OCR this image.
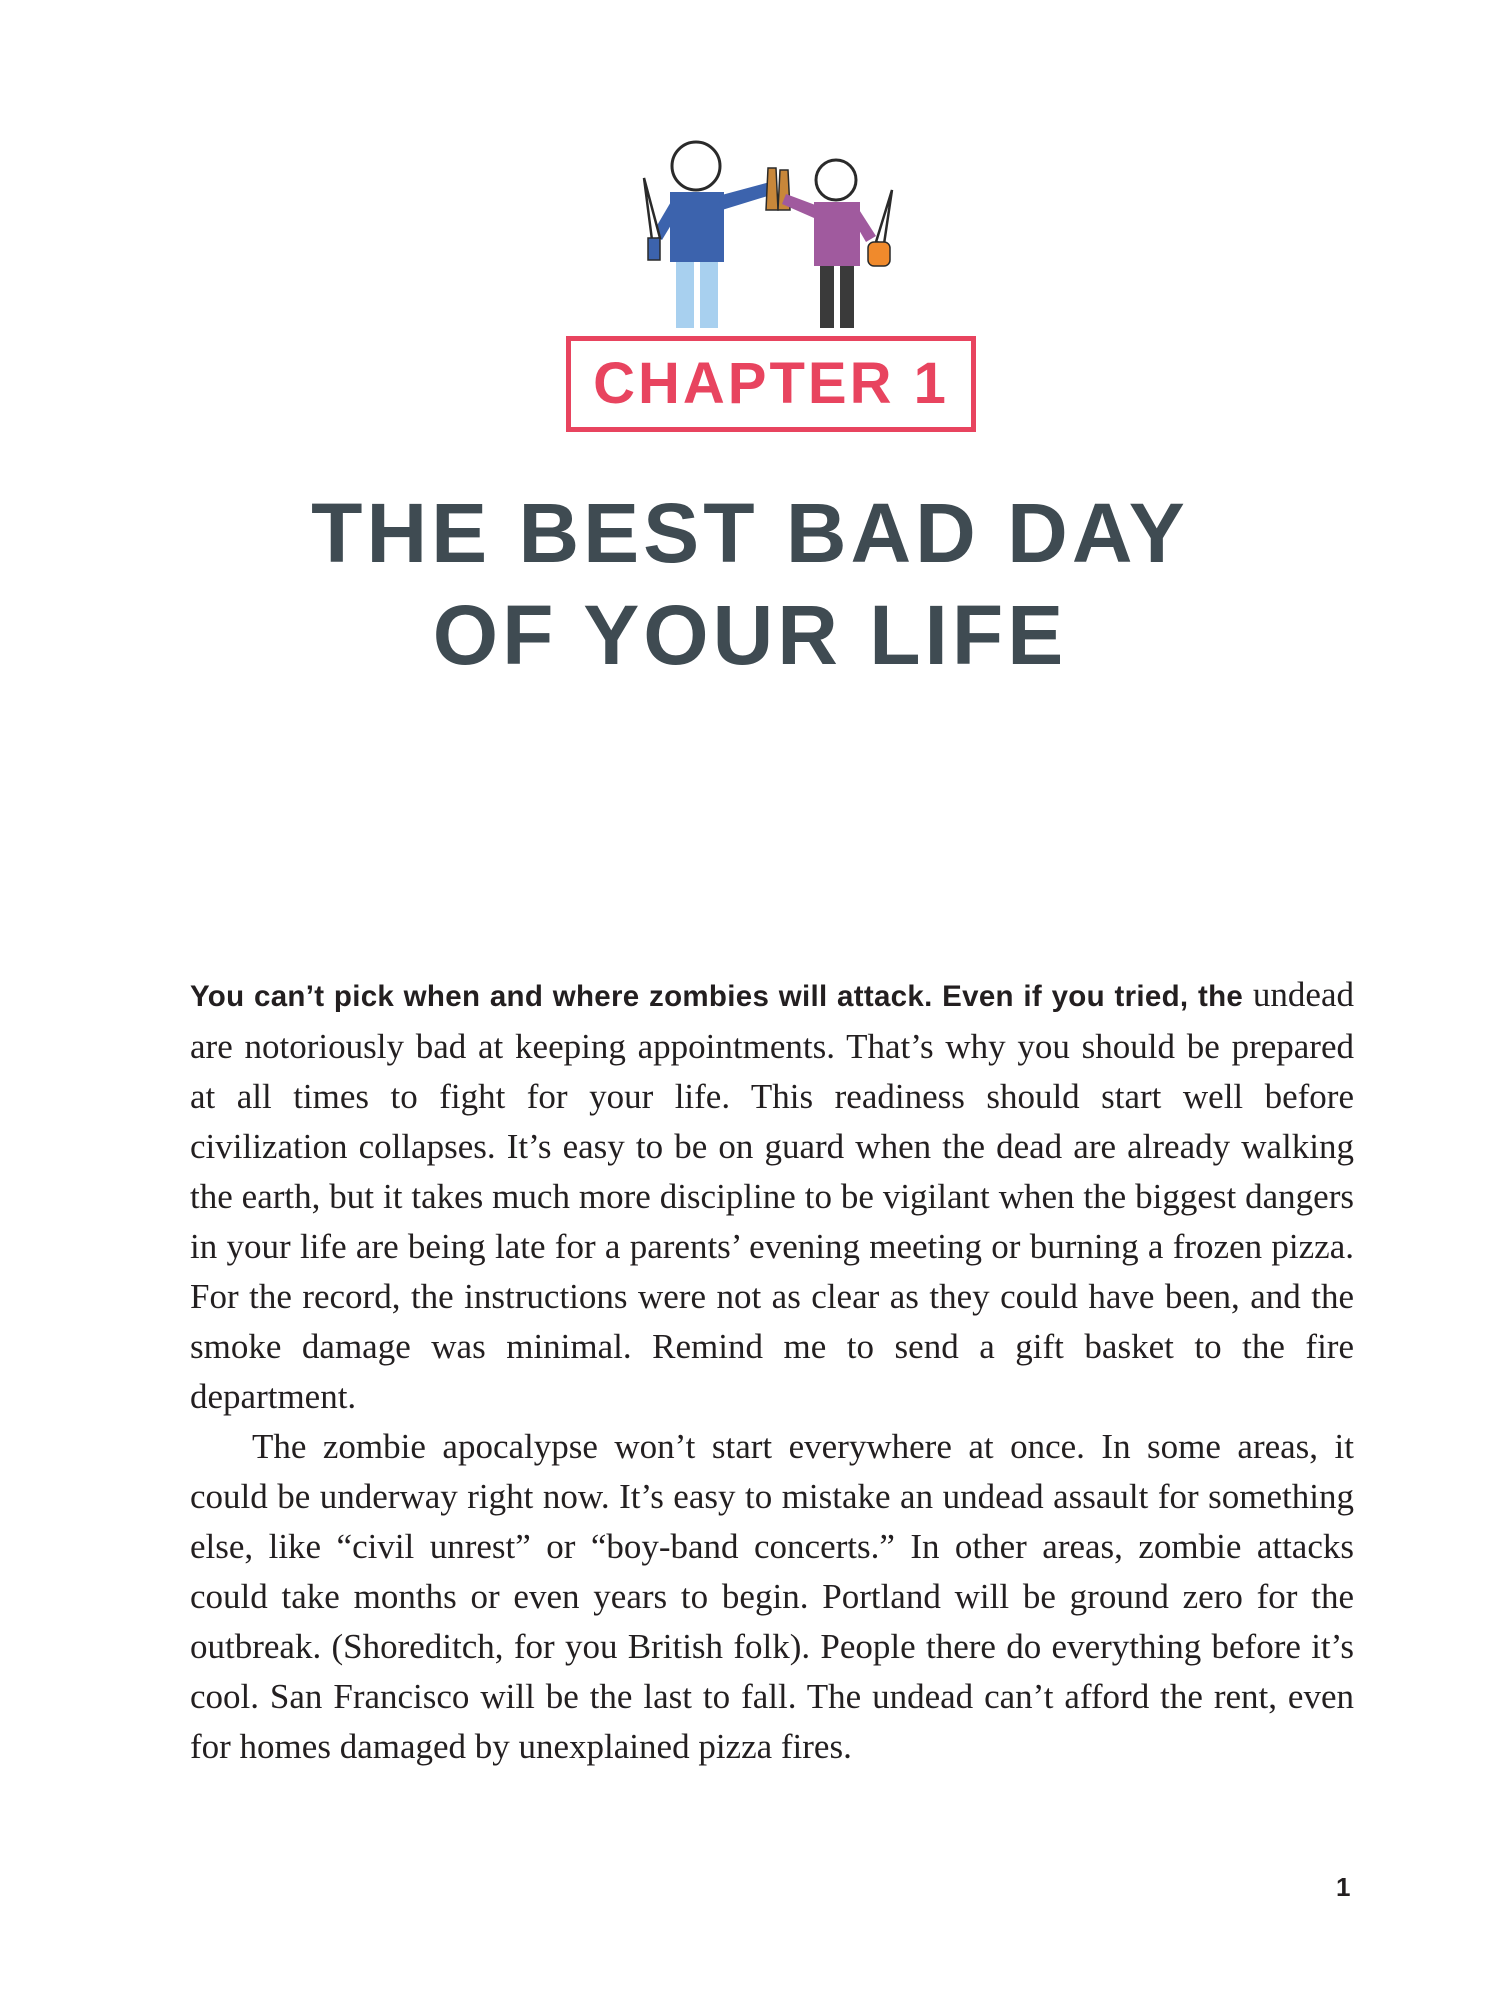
CHAPTER 1
THE BEST BAD DAY
OF YOUR LIFE

You can’t pick when and where zombies will attack. Even if you tried, the undead are notoriously bad at keeping appointments. That’s why you should be prepared at all times to fight for your life. This readiness should start well before civilization collapses. It’s easy to be on guard when the dead are already walking the earth, but it takes much more discipline to be vigilant when the biggest dangers in your life are being late for a parents’ evening meeting or burning a frozen pizza. For the record, the instructions were not as clear as they could have been, and the smoke damage was minimal. Remind me to send a gift basket to the fire department.

The zombie apocalypse won’t start everywhere at once. In some areas, it could be underway right now. It’s easy to mistake an undead assault for something else, like “civil unrest” or “boy-band concerts.” In other areas, zombie attacks could take months or even years to begin. Portland will be ground zero for the outbreak. (Shoreditch, for you British folk). People there do everything before it’s cool. San Francisco will be the last to fall. The undead can’t afford the rent, even for homes damaged by unexplained pizza fires.

1
